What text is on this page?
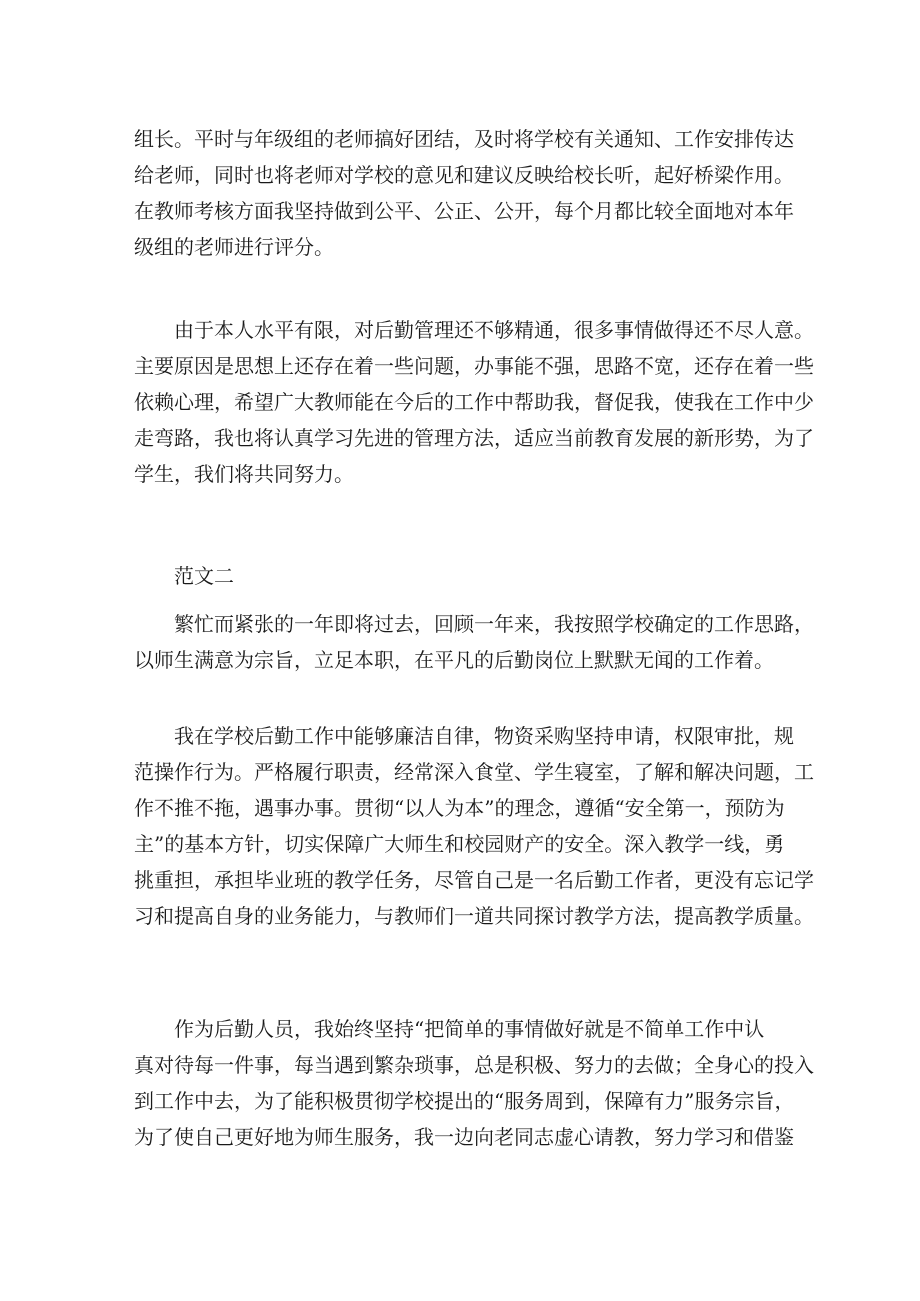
组长。平时与年级组的老师搞好团结，及时将学校有关通知、工作安排传达
给老师，同时也将老师对学校的意见和建议反映给校长听，起好桥梁作用。
在教师考核方面我坚持做到公平、公正、公开，每个月都比较全面地对本年
级组的老师进行评分。
　　由于本人水平有限，对后勤管理还不够精通，很多事情做得还不尽人意。
主要原因是思想上还存在着一些问题，办事能不强，思路不宽，还存在着一些
依赖心理，希望广大教师能在今后的工作中帮助我，督促我，使我在工作中少
走弯路，我也将认真学习先进的管理方法，适应当前教育发展的新形势，为了
学生，我们将共同努力。
　　范文二
　　繁忙而紧张的一年即将过去，回顾一年来，我按照学校确定的工作思路，
以师生满意为宗旨，立足本职，在平凡的后勤岗位上默默无闻的工作着。
　　我在学校后勤工作中能够廉洁自律，物资采购坚持申请，权限审批，规
范操作行为。严格履行职责，经常深入食堂、学生寝室，了解和解决问题，工
作不推不拖，遇事办事。贯彻“以人为本”的理念，遵循“安全第一，预防为
主”的基本方针，切实保障广大师生和校园财产的安全。深入教学一线，勇
挑重担，承担毕业班的教学任务，尽管自己是一名后勤工作者，更没有忘记学
习和提高自身的业务能力，与教师们一道共同探讨教学方法，提高教学质量。
　　作为后勤人员，我始终坚持“把简单的事情做好就是不简单工作中认
真对待每一件事，每当遇到繁杂琐事，总是积极、努力的去做；全身心的投入
到工作中去，为了能积极贯彻学校提出的“服务周到，保障有力”服务宗旨，
为了使自己更好地为师生服务，我一边向老同志虚心请教，努力学习和借鉴
